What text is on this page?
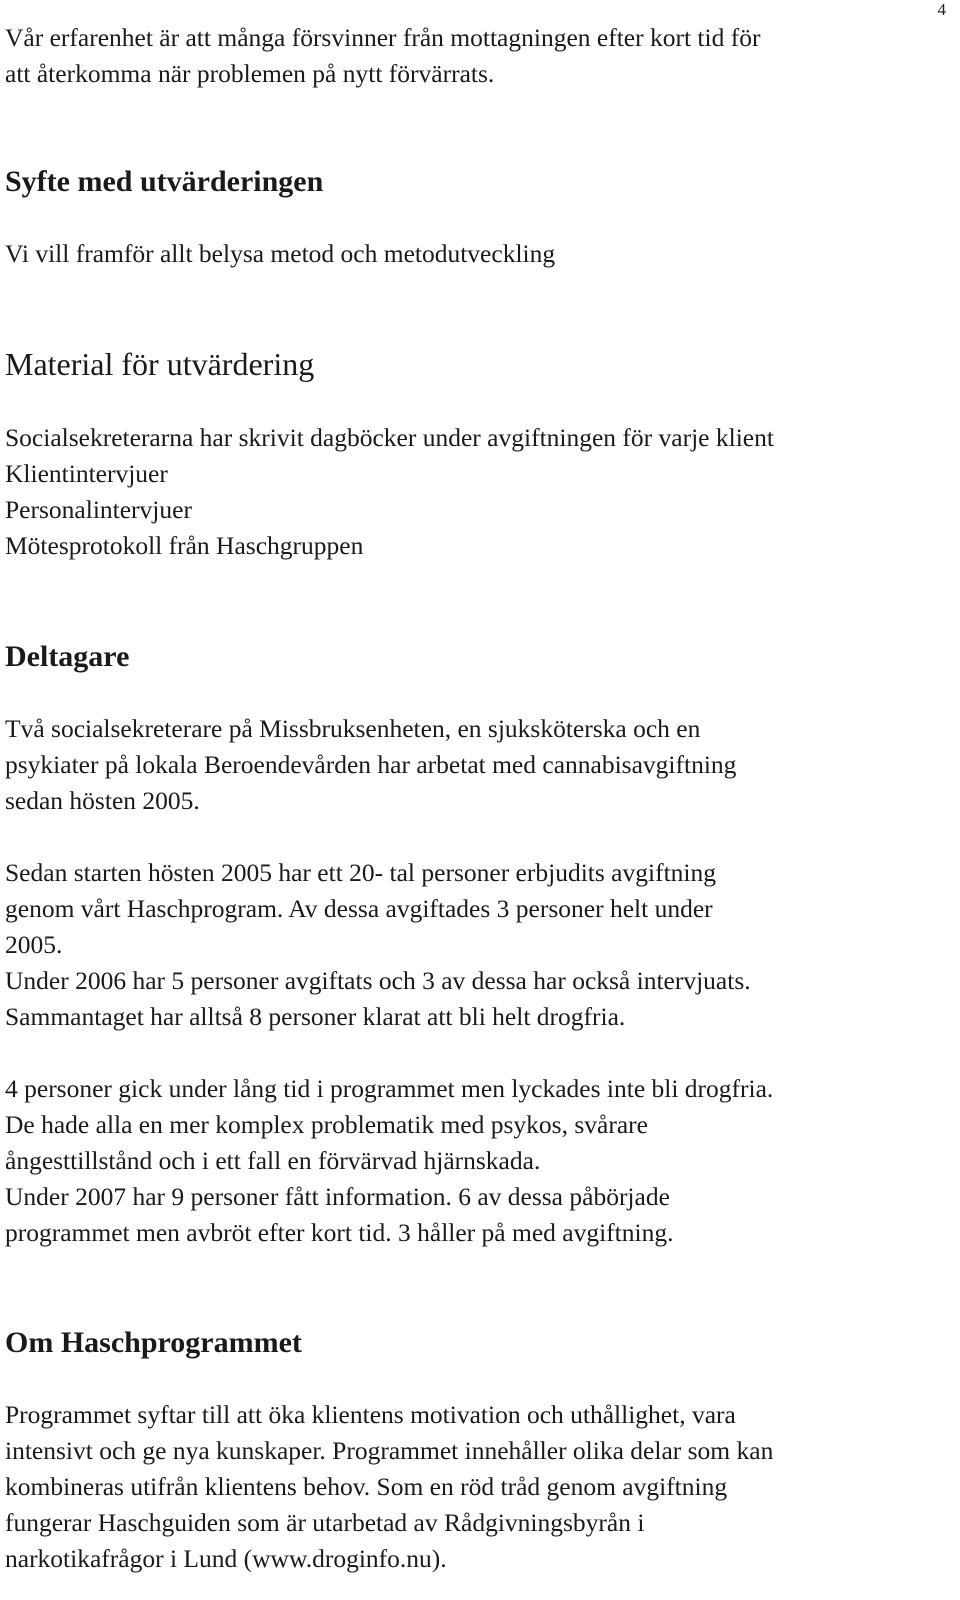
4

Vår erfarenhet är att många försvinner från mottagningen efter kort tid för
att återkomma när problemen på nytt förvärrats.

Syfte med utvärderingen

Vi vill framför allt belysa metod och metodutveckling

Material för utvärdering

Socialsekreterarna har skrivit dagböcker under avgiftningen för varje klient
Klientintervjuer
Personalintervjuer
Mötesprotokoll från Haschgruppen

Deltagare

Två socialsekreterare på Missbruksenheten, en sjuksköterska och en
psykiater på lokala Beroendevården har arbetat med cannabisavgiftning
sedan hösten 2005.

Sedan starten hösten 2005 har ett 20- tal personer erbjudits avgiftning
genom vårt Haschprogram. Av dessa avgiftades 3 personer helt under
2005.
Under 2006 har 5 personer avgiftats och 3 av dessa har också intervjuats.
Sammantaget har alltså 8 personer klarat att bli helt drogfria.

4 personer gick under lång tid i programmet men lyckades inte bli drogfria.
De hade alla en mer komplex problematik med psykos, svårare
ångesttillstånd och i ett fall en förvärvad hjärnskada.
Under 2007 har 9 personer fått information. 6 av dessa påbörjade
programmet men avbröt efter kort tid. 3 håller på med avgiftning.

Om Haschprogrammet

Programmet syftar till att öka klientens motivation och uthållighet, vara
intensivt och ge nya kunskaper. Programmet innehåller olika delar som kan
kombineras utifrån klientens behov. Som en röd tråd genom avgiftning
fungerar Haschguiden som är utarbetad av Rådgivningsbyrån i
narkotikafrågor i Lund (www.droginfo.nu).
